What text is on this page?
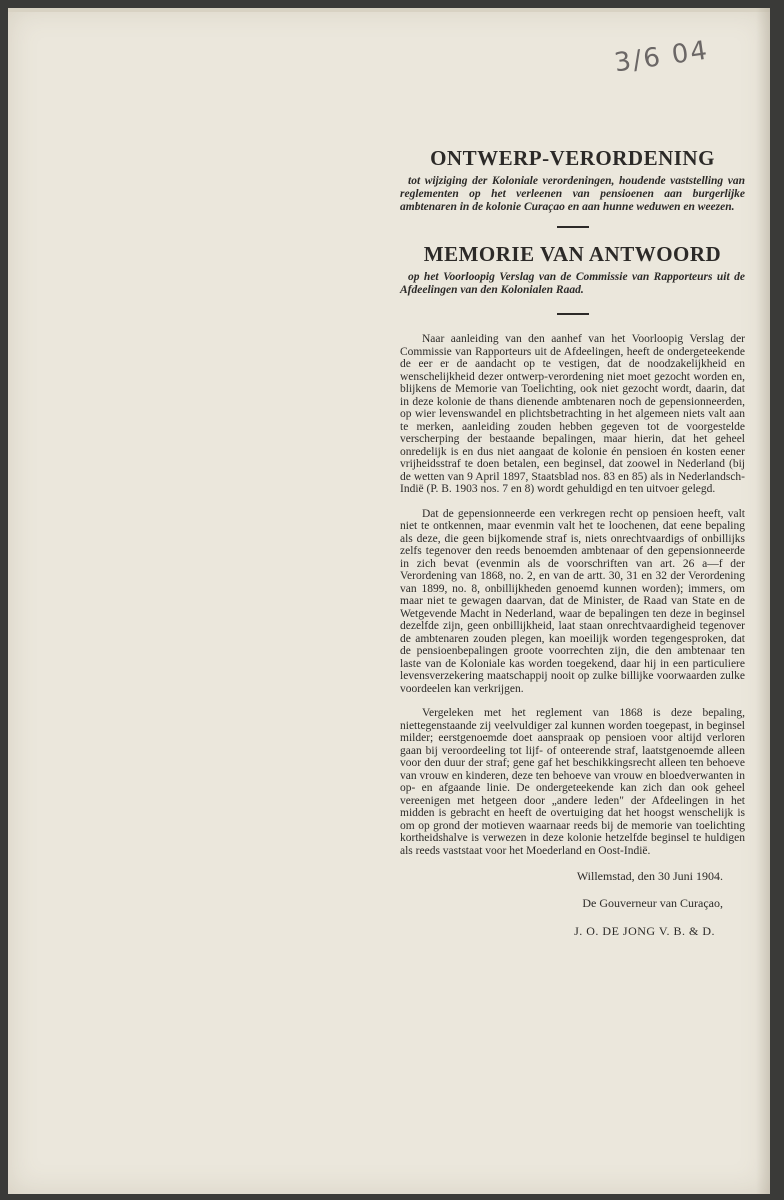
3/6 04
ONTWERP-VERORDENING

tot wijziging der Koloniale verordeningen, houdende vaststelling van reglementen op het verleenen van pensioenen aan burgerlijke ambtenaren in de kolonie Curaçao en aan hunne weduwen en weezen.

MEMORIE VAN ANTWOORD

op het Voorloopig Verslag van de Commissie van Rapporteurs uit de Afdeelingen van den Kolonialen Raad.

Naar aanleiding van den aanhef van het Voorloopig Verslag der Commissie van Rapporteurs uit de Afdeelingen, heeft de ondergeteekende de eer er de aandacht op te vestigen, dat de noodzakelijkheid en wenschelijkheid dezer ontwerp-verordening niet moet gezocht worden en, blijkens de Memorie van Toelichting, ook niet gezocht wordt, daarin, dat in deze kolonie de thans dienende ambtenaren noch de gepensionneerden, op wier levenswandel en plichtsbetrachting in het algemeen niets valt aan te merken, aanleiding zouden hebben gegeven tot de voorgestelde verscherping der bestaande bepalingen, maar hierin, dat het geheel onredelijk is en dus niet aangaat de kolonie én pensioen én kosten eener vrijheidsstraf te doen betalen, een beginsel, dat zoowel in Nederland (bij de wetten van 9 April 1897, Staatsblad nos. 83 en 85) als in Nederlandsch-Indië (P. B. 1903 nos. 7 en 8) wordt gehuldigd en ten uitvoer gelegd.

Dat de gepensionneerde een verkregen recht op pensioen heeft, valt niet te ontkennen, maar evenmin valt het te loochenen, dat eene bepaling als deze, die geen bijkomende straf is, niets onrechtvaardigs of onbillijks zelfs tegenover den reeds benoemden ambtenaar of den gepensionneerde in zich bevat (evenmin als de voorschriften van art. 26 a—f der Verordening van 1868, no. 2, en van de artt. 30, 31 en 32 der Verordening van 1899, no. 8, onbillijkheden genoemd kunnen worden); immers, om maar niet te gewagen daarvan, dat de Minister, de Raad van State en de Wetgevende Macht in Nederland, waar de bepalingen ten deze in beginsel dezelfde zijn, geen onbillijkheid, laat staan onrechtvaardigheid tegenover de ambtenaren zouden plegen, kan moeilijk worden tegengesproken, dat de pensioenbepalingen groote voorrechten zijn, die den ambtenaar ten laste van de Koloniale kas worden toegekend, daar hij in een particuliere levensverzekering maatschappij nooit op zulke billijke voorwaarden zulke voordeelen kan verkrijgen.

Vergeleken met het reglement van 1868 is deze bepaling, niettegenstaande zij veelvuldiger zal kunnen worden toegepast, in beginsel milder; eerstgenoemde doet aanspraak op pensioen voor altijd verloren gaan bij veroordeeling tot lijf- of onteerende straf, laatstgenoemde alleen voor den duur der straf; gene gaf het beschikkingsrecht alleen ten behoeve van vrouw en kinderen, deze ten behoeve van vrouw en bloedverwanten in op- en afgaande linie. De ondergeteekende kan zich dan ook geheel vereenigen met hetgeen door „andere leden" der Afdeelingen in het midden is gebracht en heeft de overtuiging dat het hoogst wenschelijk is om op grond der motieven waarnaar reeds bij de memorie van toelichting kortheidshalve is verwezen in deze kolonie hetzelfde beginsel te huldigen als reeds vaststaat voor het Moederland en Oost-Indië.

Willemstad, den 30 Juni 1904.

De Gouverneur van Curaçao,

J. O. DE JONG V. B. & D.
